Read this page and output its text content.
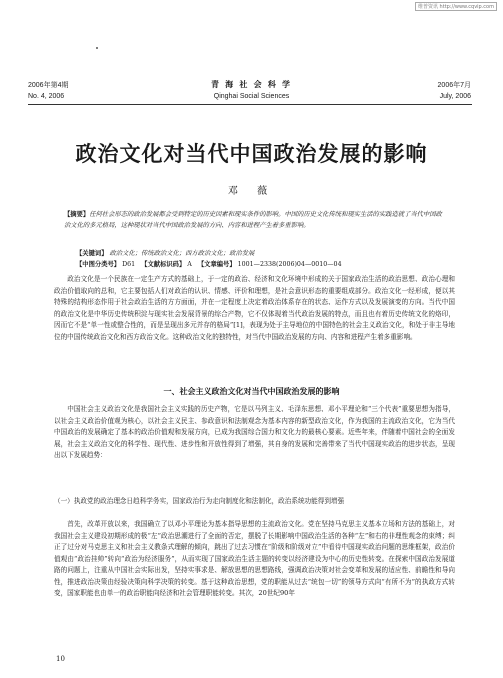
维普资讯 http://www.cqvip.com
2006年第4期
No. 4, 2006
青 海 社 会 科 学
Qinghai Social Sciences
2006年7月
July, 2006
政治文化对当代中国政治发展的影响
邓 薇
【摘要】任何社会形态的政治发展都会受到特定的历史因素和现实条件的影响。中国的历史文化传统和现实生活的实践造就了当代中国政治文化的多元格局，这种现状对当代中国政治发展的方向、内容和进程产生着多重影响。
【关键词】 政治文化；传统政治文化；西方政治文化；政治发展
【中图分类号】 D61 【文献标识码】 A 【文章编号】 1001—2338(2006)04—0010—04
政治文化是一个民族在一定生产方式的基础上，于一定的政治、经济和文化环境中形成的关于国家政治生活的政治思想、政治心理和政治价值取向的总和，它主要包括人们对政治的认识、情感、评价和理想，是社会意识形态的重要组成部分。政治文化一经形成，便以其特殊的结构形态作用于社会政治生活的方方面面，并在一定程度上决定着政治体系存在的状态、运作方式以及发展演变的方向。当代中国的政治文化是中华历史传统积淀与现实社会发展背景的综合产物，它不仅体现着当代政治发展的特点，而且也有着历史传统文化的烙印，因而它不是“单一性或整合性的，而是呈现出多元并存的格局”[1]，表现为处于主导地位的中国特色的社会主义政治文化，和处于非主导地位的中国传统政治文化和西方政治文化。这种政治文化的独特性，对当代中国政治发展的方向、内容和进程产生着多重影响。
一、社会主义政治文化对当代中国政治发展的影响
中国社会主义政治文化是我国社会主义实践的历史产物，它是以马列主义、毛泽东思想、邓小平理论和“三个代表”重要思想为指导，以社会主义政治价值观为核心，以社会主义民主、参政意识和法制观念为基本内容的新型政治文化，作为我国的主流政治文化，它为当代中国政治的发展确定了基本的政治价值观和发展方向，已成为我国综合国力和文化力的最核心要素。近些年来，伴随着中国社会的全面发展，社会主义政治文化的科学性、现代性、进步性和开放性得到了增强，其自身的发展和完善带来了当代中国现实政治的进步状态，呈现出以下发展趋势：
（一）执政党的政治理念日趋科学务实，国家政治行为走向制度化和法制化，政治系统功能得到增强
首先，改革开放以来，我国确立了以邓小平理论为基本指导思想的主流政治文化。党在坚持马克思主义基本立场和方法的基础上，对我国社会主义建设初期形成的极“左”政治思潮进行了全面的否定，摆脱了长期影响中国政治生活的各种“左”和右的非理性观念的束缚；纠正了过分对马克思主义和社会主义教条式理解的倾向，跳出了过去习惯在“阶级和阶级对立”中看待中国现实政治问题的思维框架，政治价值观由“政治挂帅”转向“政治为经济服务”，从而实现了国家政治生活主题的转变以经济建设为中心的历史性转变。在探索中国政治发展道路的问题上，注重从中国社会实际出发，坚持实事求是、解放思想的思想路线，强调政治决策对社会变革和发展的适应性、前瞻性和导向性，推进政治决策由经验决策向科学决策的转变。基于这种政治思想，党的职能从过去“统包一切”的领导方式向“有所不为”的执政方式转变，国家职能也由单一的政治职能向经济和社会管理职能转变。其次，20世纪90年
10
